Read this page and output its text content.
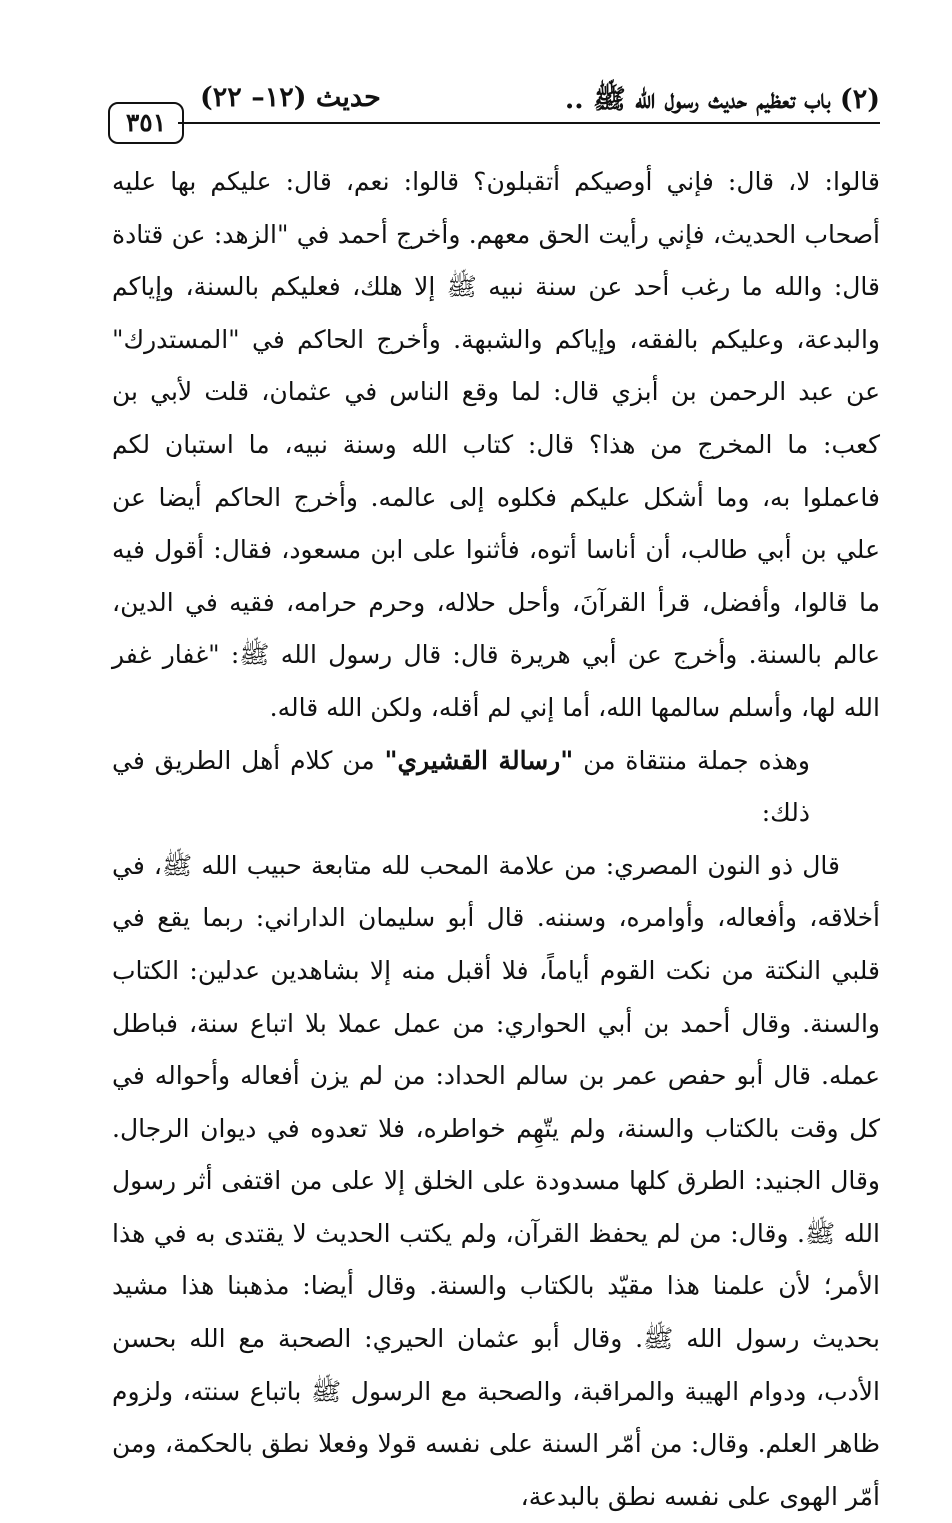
(٢) باب تعظيم حديث رسول الله ﷺ ..
حديث (١٢– ٢٢)
٣٥١

قالوا: لا، قال: فإني أوصيكم أتقبلون؟ قالوا: نعم، قال: عليكم بها عليه أصحاب الحديث، فإني رأيت الحق معهم. وأخرج أحمد في "الزهد: عن قتادة قال: والله ما رغب أحد عن سنة نبيه ﷺ إلا هلك، فعليكم بالسنة، وإياكم والبدعة، وعليكم بالفقه، وإياكم والشبهة. وأخرج الحاكم في "المستدرك" عن عبد الرحمن بن أبزي قال: لما وقع الناس في عثمان، قلت لأبي بن كعب: ما المخرج من هذا؟ قال: كتاب الله وسنة نبيه، ما استبان لكم فاعملوا به، وما أشكل عليكم فكلوه إلى عالمه. وأخرج الحاكم أيضا عن علي بن أبي طالب، أن أناسا أتوه، فأثنوا على ابن مسعود، فقال: أقول فيه ما قالوا، وأفضل، قرأ القرآنَ، وأحل حلاله، وحرم حرامه، فقيه في الدين، عالم بالسنة. وأخرج عن أبي هريرة قال: قال رسول الله ﷺ: "غفار غفر الله لها، وأسلم سالمها الله، أما إني لم أقله، ولكن الله قاله.

وهذه جملة منتقاة من "رسالة القشيري" من كلام أهل الطريق في ذلك:

قال ذو النون المصري: من علامة المحب لله متابعة حبيب الله ﷺ، في أخلاقه، وأفعاله، وأوامره، وسننه. قال أبو سليمان الداراني: ربما يقع في قلبي النكتة من نكت القوم أياماً، فلا أقبل منه إلا بشاهدين عدلين: الكتاب والسنة. وقال أحمد بن أبي الحواري: من عمل عملا بلا اتباع سنة، فباطل عمله. قال أبو حفص عمر بن سالم الحداد: من لم يزن أفعاله وأحواله في كل وقت بالكتاب والسنة، ولم يتّهِم خواطره، فلا تعدوه في ديوان الرجال. وقال الجنيد: الطرق كلها مسدودة على الخلق إلا على من اقتفى أثر رسول الله ﷺ. وقال: من لم يحفظ القرآن، ولم يكتب الحديث لا يقتدى به في هذا الأمر؛ لأن علمنا هذا مقيّد بالكتاب والسنة. وقال أيضا: مذهبنا هذا مشيد بحديث رسول الله ﷺ. وقال أبو عثمان الحيري: الصحبة مع الله بحسن الأدب، ودوام الهيبة والمراقبة، والصحبة مع الرسول ﷺ باتباع سنته، ولزوم ظاهر العلم. وقال: من أمّر السنة على نفسه قولا وفعلا نطق بالحكمة، ومن أمّر الهوى على نفسه نطق بالبدعة،
